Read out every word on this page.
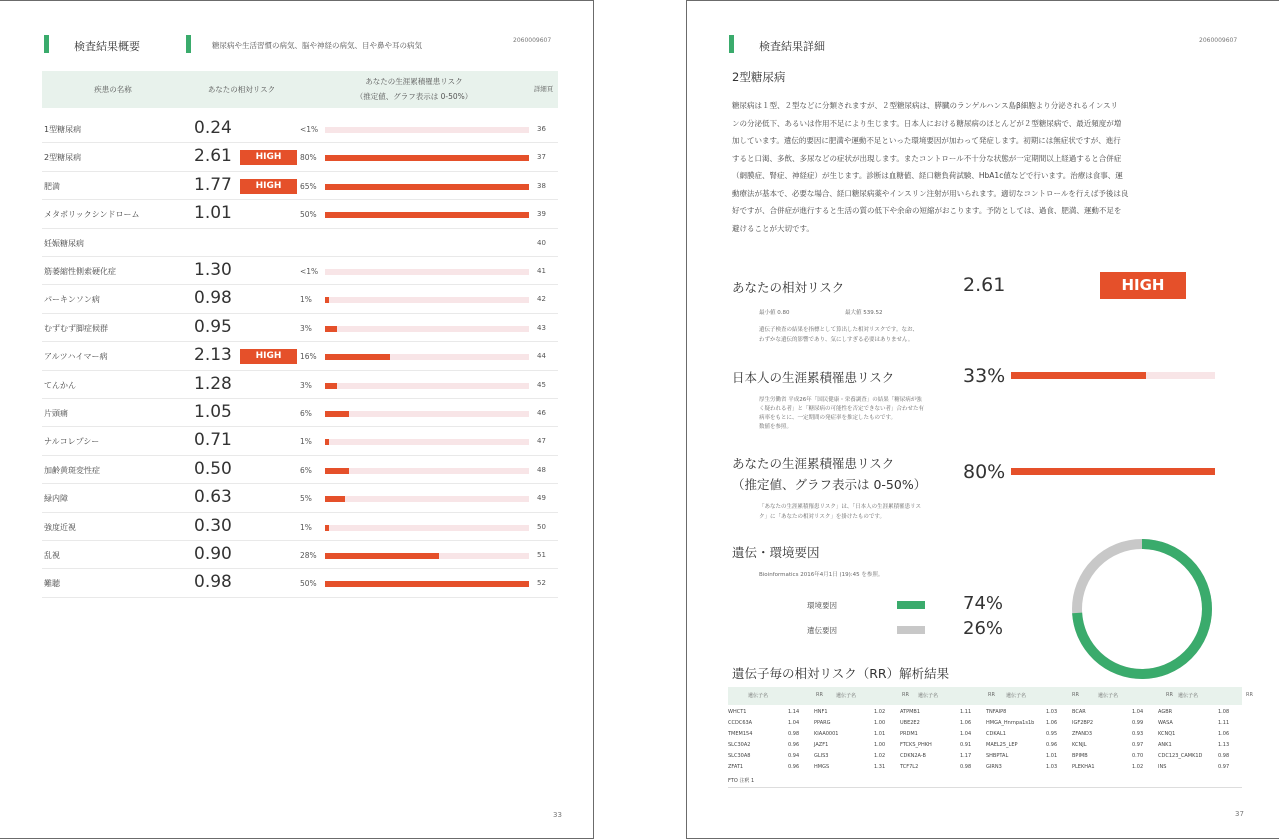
検査結果概要	糖尿病や生活習慣の病気、脳や神経の病気、目や鼻や耳の病気
2060009607
疾患の名称	あなたの相対リスク
あなたの生涯累積罹患リスク
（推定値、グラフ表示は 0-50%）
詳細頁
1型糖尿病	0.24	<1%	36
2型糖尿病	2.61	HIGH	80%	37
肥満	1.77	HIGH	65%	38
メタボリックシンドローム	1.01	50%	39
妊娠糖尿病	40
筋萎縮性側索硬化症	1.30	<1%	41
パーキンソン病	0.98	1%	42
むずむず脚症候群	0.95	3%	43
アルツハイマー病	2.13	HIGH	16%	44
てんかん	1.28	3%	45
片頭痛	1.05	6%	46
ナルコレプシー	0.71	1%	47
加齢黄斑変性症	0.50	6%	48
緑内障	0.63	5%	49
強度近視	0.30	1%	50
乱視	0.90	28%	51
難聴	0.98	50%	52
33
検査結果詳細	2060009607
2型糖尿病
糖尿病は１型、２型などに分類されますが、２型糖尿病は、膵臓のランゲルハンス島β細胞より分泌されるインスリ
ンの分泌低下、あるいは作用不足により生じます。日本人における糖尿病のほとんどが２型糖尿病で、最近頻度が増
加しています。遺伝的要因に肥満や運動不足といった環境要因が加わって発症します。初期には無症状ですが、進行
すると口渇、多飲、多尿などの症状が出現します。またコントロール不十分な状態が一定期間以上経過すると合併症
（網膜症、腎症、神経症）が生じます。診断は血糖値、経口糖負荷試験、HbA1c値などで行います。治療は食事、運
動療法が基本で、必要な場合、経口糖尿病薬やインスリン注射が用いられます。適切なコントロールを行えば予後は良
好ですが、合併症が進行すると生活の質の低下や余命の短縮がおこります。予防としては、過食、肥満、運動不足を
避けることが大切です。
あなたの相対リスク	2.61	HIGH
最小値 0.80	最大値 539.52
遺伝子検査の結果を指標として算出した相対リスクです。なお、
わずかな遺伝的影響であり、気にしすぎる必要はありません。
日本人の生涯累積罹患リスク	33%
厚生労働省 平成26年「国民健康・栄養調査」の結果「糖尿病が強
く疑われる者」と「糖尿病の可能性を否定できない者」合わせた有
病率をもとに、一定期間の発症率を推定したものです。
数値を参照。
あなたの生涯累積罹患リスク
（推定値、グラフ表示は 0-50%）
80%
「あなたの生涯累積罹患リスク」は、「日本人の生涯累積罹患リス
ク」に「あなたの相対リスク」を掛けたものです。
遺伝・環境要因
Bioinformatics 2016年4月1日 (19):45 を参照。
環境要因	74%
遺伝要因	26%
遺伝子毎の相対リスク（RR）解析結果
遺伝子名	RR	遺伝子名	RR 遺伝子名	RR 遺伝子名	RR	遺伝子名	RR 遺伝子名	RR
WHCT1	1.14	HNF1	1.02	ATPMB1	1.11	TNFAIP8	1.03	BCAR	1.04	AGBR	1.08
CCDC63A	1.04	PPARG	1.00	UBE2E2	1.06	HMGA_Hnrnpa1s1b 1.06	IGF2BP2	0.99	WASA	1.11
TMEM154	0.98	KIAA0001	1.01	PRDM1	1.04	CDKAL1	0.95	ZFAND3	0.93	KCNQ1	1.06
SLC30A2	0.96	JAZF1	1.00	FTCKS_PHKH	0.91	MAEL25_LEP	0.96	KCNJL	0.97	ANK1	1.13
SLC30A8	0.94	GLIS3	1.02	CDKN2A-B	1.17	SHBPTAL	1.01	BPIMB	0.70	CDC123_CAMK1D	0.98
ZFAT1	0.96	HMGS	1.31	TCF7L2	0.98	GIRN3	1.03	PLEKHA1	1.02	INS	0.97
FTO 注釈 1
37
